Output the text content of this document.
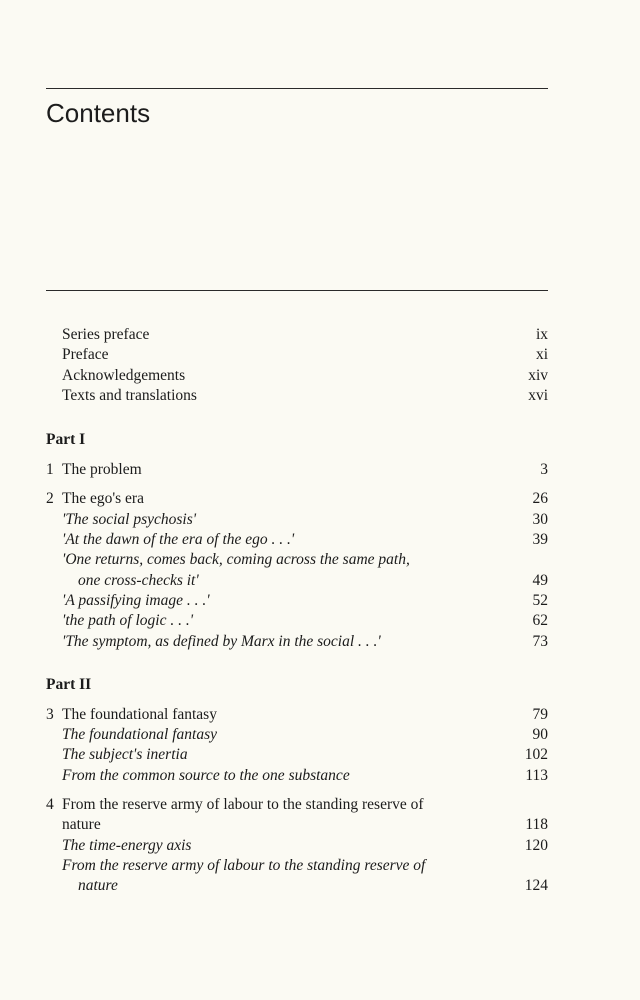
Contents
Series preface	ix
Preface	xi
Acknowledgements	xiv
Texts and translations	xvi
Part I
1 The problem	3
2 The ego's era	26
'The social psychosis'	30
'At the dawn of the era of the ego . . .'	39
'One returns, comes back, coming across the same path,
one cross-checks it'	49
'A passifying image . . .'	52
'the path of logic . . .'	62
'The symptom, as defined by Marx in the social . . .'	73
Part II
3 The foundational fantasy	79
The foundational fantasy	90
The subject's inertia	102
From the common source to the one substance	113
4 From the reserve army of labour to the standing reserve of
nature	118
The time-energy axis	120
From the reserve army of labour to the standing reserve of
nature	124
